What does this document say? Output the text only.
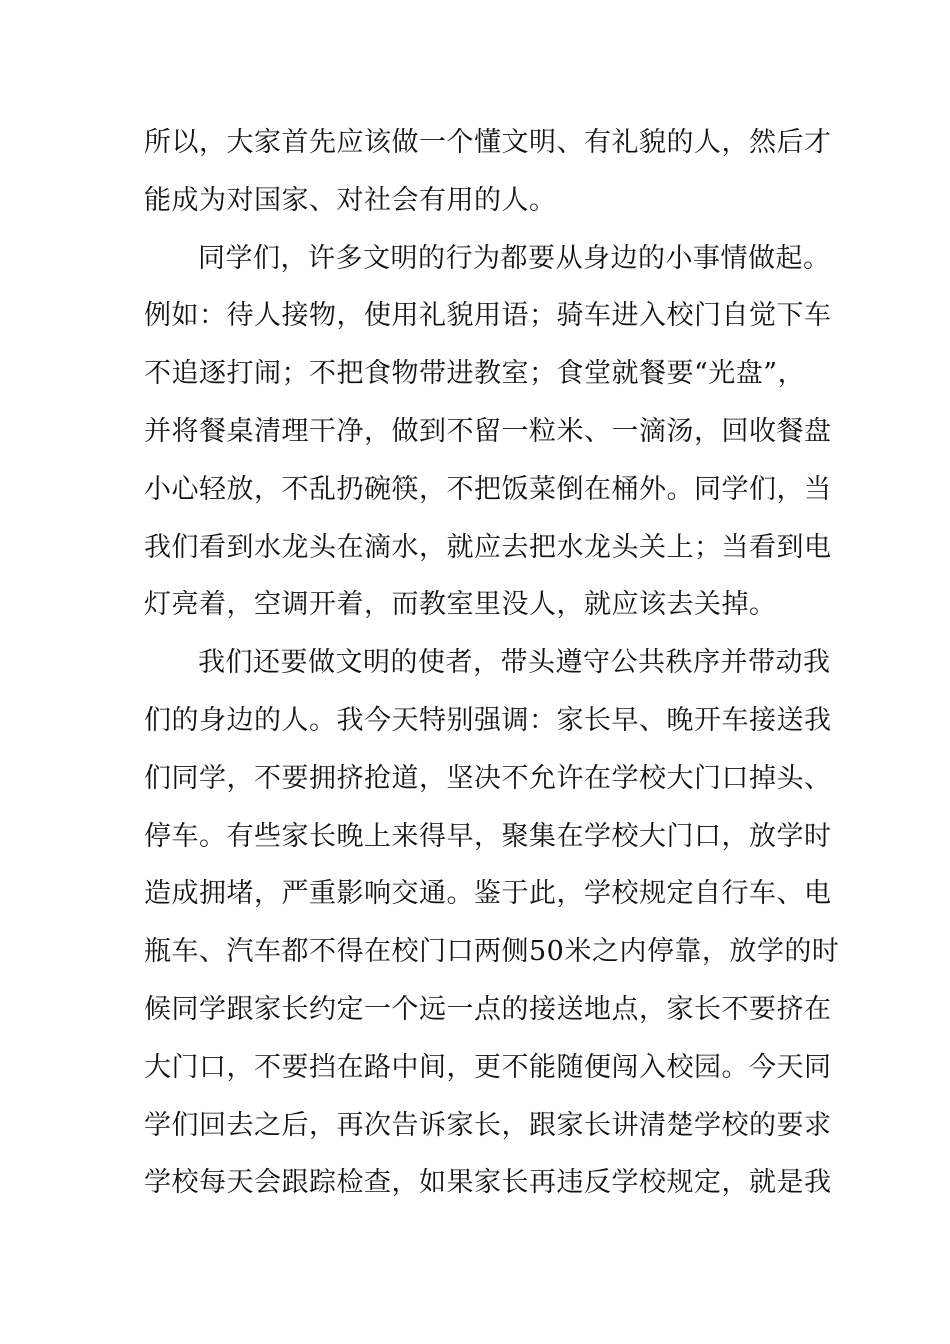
所以，大家首先应该做一个懂文明、有礼貌的人，然后才
能成为对国家、对社会有用的人。
同学们，许多文明的行为都要从身边的小事情做起。
例如：待人接物，使用礼貌用语；骑车进入校门自觉下车
不追逐打闹；不把食物带进教室；食堂就餐要“光盘”，
并将餐桌清理干净，做到不留一粒米、一滴汤，回收餐盘
小心轻放，不乱扔碗筷，不把饭菜倒在桶外。同学们，当
我们看到水龙头在滴水，就应去把水龙头关上；当看到电
灯亮着，空调开着，而教室里没人，就应该去关掉。
我们还要做文明的使者，带头遵守公共秩序并带动我
们的身边的人。我今天特别强调：家长早、晚开车接送我
们同学，不要拥挤抢道，坚决不允许在学校大门口掉头、
停车。有些家长晚上来得早，聚集在学校大门口，放学时
造成拥堵，严重影响交通。鉴于此，学校规定自行车、电
瓶车、汽车都不得在校门口两侧50米之内停靠，放学的时
候同学跟家长约定一个远一点的接送地点，家长不要挤在
大门口，不要挡在路中间，更不能随便闯入校园。今天同
学们回去之后，再次告诉家长，跟家长讲清楚学校的要求
学校每天会跟踪检查，如果家长再违反学校规定，就是我
